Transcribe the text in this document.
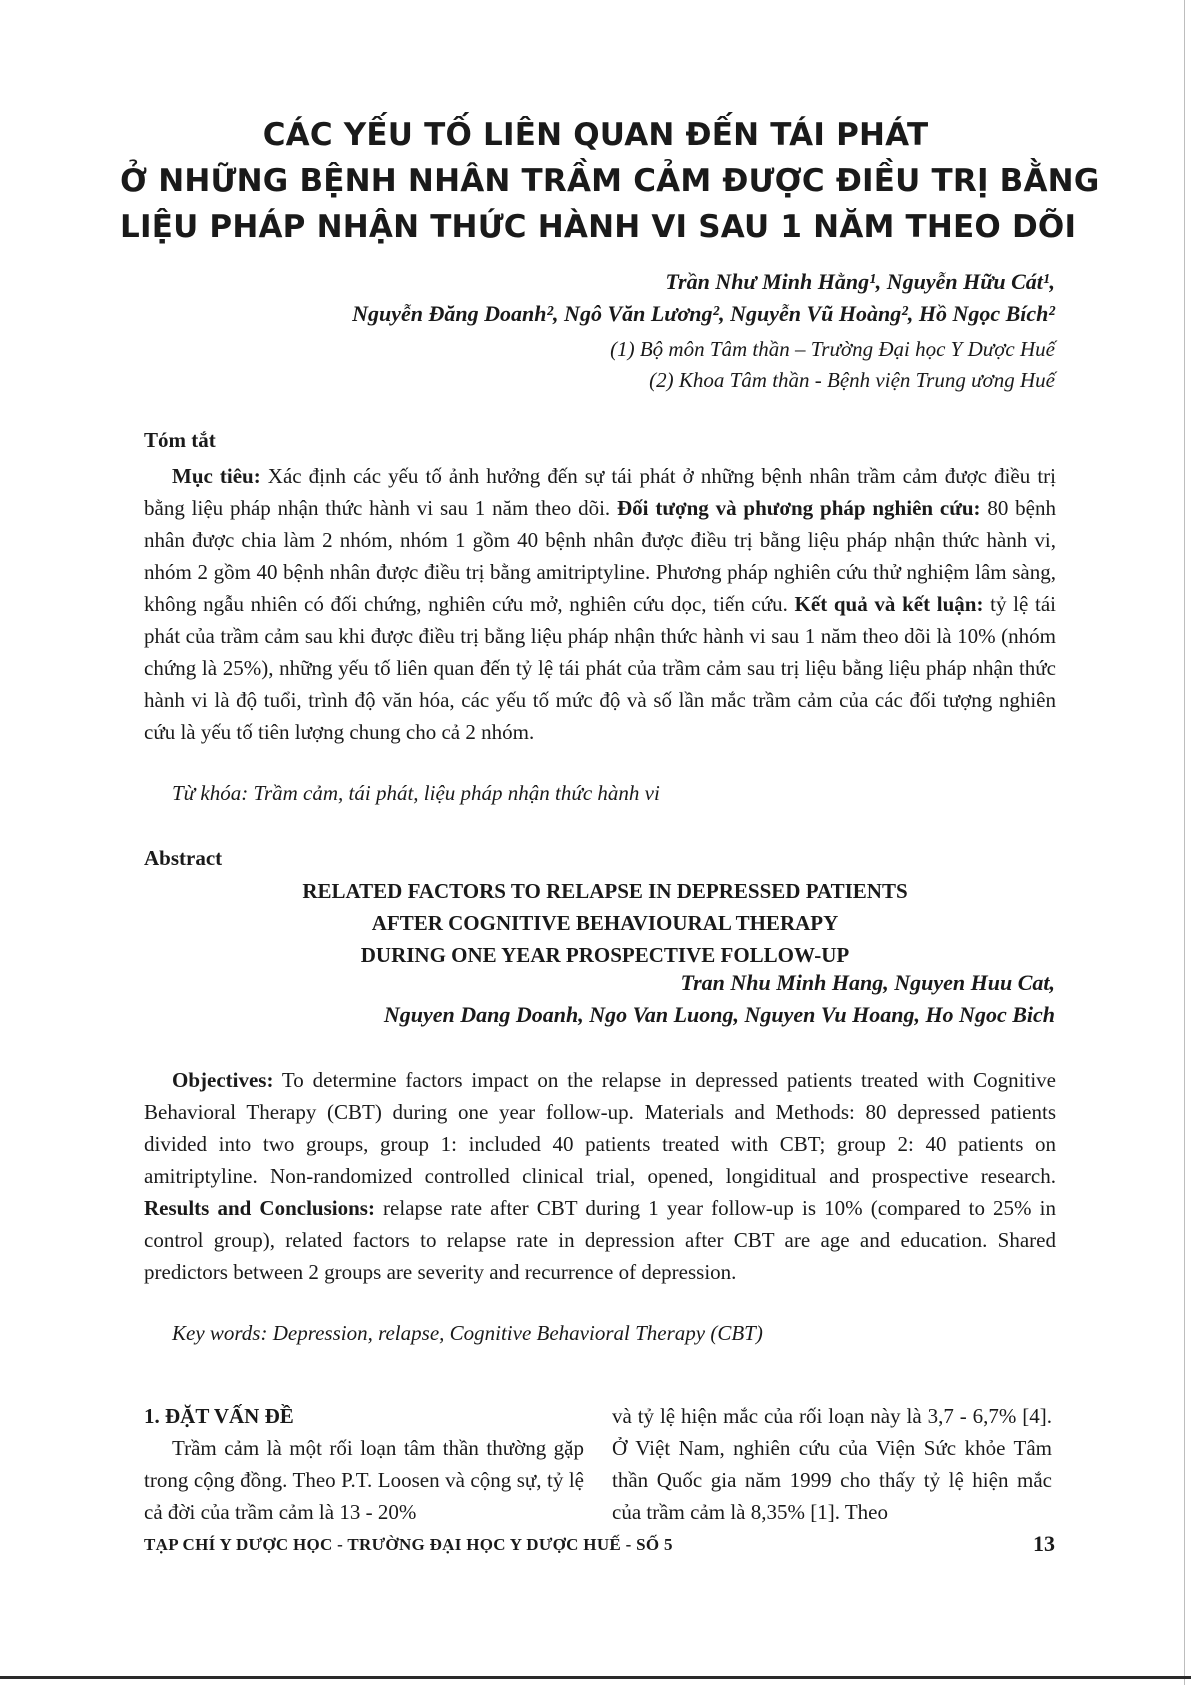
CÁC YẾU TỐ LIÊN QUAN ĐẾN TÁI PHÁT
Ở NHỮNG BỆNH NHÂN TRẦM CẢM ĐƯỢC ĐIỀU TRỊ BẰNG
LIỆU PHÁP NHẬN THỨC HÀNH VI SAU 1 NĂM THEO DÕI
Trần Như Minh Hằng¹, Nguyễn Hữu Cát¹,
Nguyễn Đăng Doanh², Ngô Văn Lương², Nguyễn Vũ Hoàng², Hồ Ngọc Bích²
(1) Bộ môn Tâm thần – Trường Đại học Y Dược Huế
(2) Khoa Tâm thần - Bệnh viện Trung ương Huế
Tóm tắt
Mục tiêu: Xác định các yếu tố ảnh hưởng đến sự tái phát ở những bệnh nhân trầm cảm được điều trị bằng liệu pháp nhận thức hành vi sau 1 năm theo dõi. Đối tượng và phương pháp nghiên cứu: 80 bệnh nhân được chia làm 2 nhóm, nhóm 1 gồm 40 bệnh nhân được điều trị bằng liệu pháp nhận thức hành vi, nhóm 2 gồm 40 bệnh nhân được điều trị bằng amitriptyline. Phương pháp nghiên cứu thử nghiệm lâm sàng, không ngẫu nhiên có đối chứng, nghiên cứu mở, nghiên cứu dọc, tiến cứu. Kết quả và kết luận: tỷ lệ tái phát của trầm cảm sau khi được điều trị bằng liệu pháp nhận thức hành vi sau 1 năm theo dõi là 10% (nhóm chứng là 25%), những yếu tố liên quan đến tỷ lệ tái phát của trầm cảm sau trị liệu bằng liệu pháp nhận thức hành vi là độ tuổi, trình độ văn hóa, các yếu tố mức độ và số lần mắc trầm cảm của các đối tượng nghiên cứu là yếu tố tiên lượng chung cho cả 2 nhóm.
Từ khóa: Trầm cảm, tái phát, liệu pháp nhận thức hành vi
Abstract
RELATED FACTORS TO RELAPSE IN DEPRESSED PATIENTS
AFTER COGNITIVE BEHAVIOURAL THERAPY
DURING ONE YEAR PROSPECTIVE FOLLOW-UP
Tran Nhu Minh Hang, Nguyen Huu Cat,
Nguyen Dang Doanh, Ngo Van Luong, Nguyen Vu Hoang, Ho Ngoc Bich
Objectives: To determine factors impact on the relapse in depressed patients treated with Cognitive Behavioral Therapy (CBT) during one year follow-up. Materials and Methods: 80 depressed patients divided into two groups, group 1: included 40 patients treated with CBT; group 2: 40 patients on amitriptyline. Non-randomized controlled clinical trial, opened, longiditual and prospective research. Results and Conclusions: relapse rate after CBT during 1 year follow-up is 10% (compared to 25% in control group), related factors to relapse rate in depression after CBT are age and education. Shared predictors between 2 groups are severity and recurrence of depression.
Key words: Depression, relapse, Cognitive Behavioral Therapy (CBT)
1. ĐẶT VẤN ĐỀ
Trầm cảm là một rối loạn tâm thần thường gặp trong cộng đồng. Theo P.T. Loosen và cộng sự, tỷ lệ cả đời của trầm cảm là 13 - 20%
và tỷ lệ hiện mắc của rối loạn này là 3,7 - 6,7% [4]. Ở Việt Nam, nghiên cứu của Viện Sức khỏe Tâm thần Quốc gia năm 1999 cho thấy tỷ lệ hiện mắc của trầm cảm là 8,35% [1]. Theo
TẠP CHÍ Y DƯỢC HỌC - TRƯỜNG ĐẠI HỌC Y DƯỢC HUẾ - SỐ 5	13
